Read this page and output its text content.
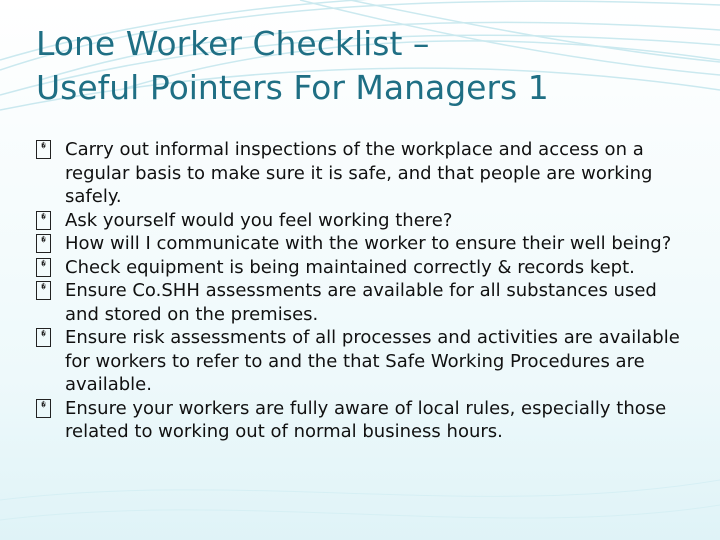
Lone Worker Checklist –
Useful Pointers For Managers 1
� Carry out informal inspections of the workplace and access on a regular basis to make sure it is safe, and that people are working safely.
� Ask yourself would you feel working there?
� How will I communicate with the worker to ensure their well being?
� Check equipment is being maintained correctly & records kept.
� Ensure Co.SHH assessments are available for all substances used and stored on the premises.
� Ensure risk assessments of all processes and activities are available for workers to refer to and the that Safe Working Procedures are available.
� Ensure your workers are fully aware of local rules, especially those related to working out of normal business hours.
